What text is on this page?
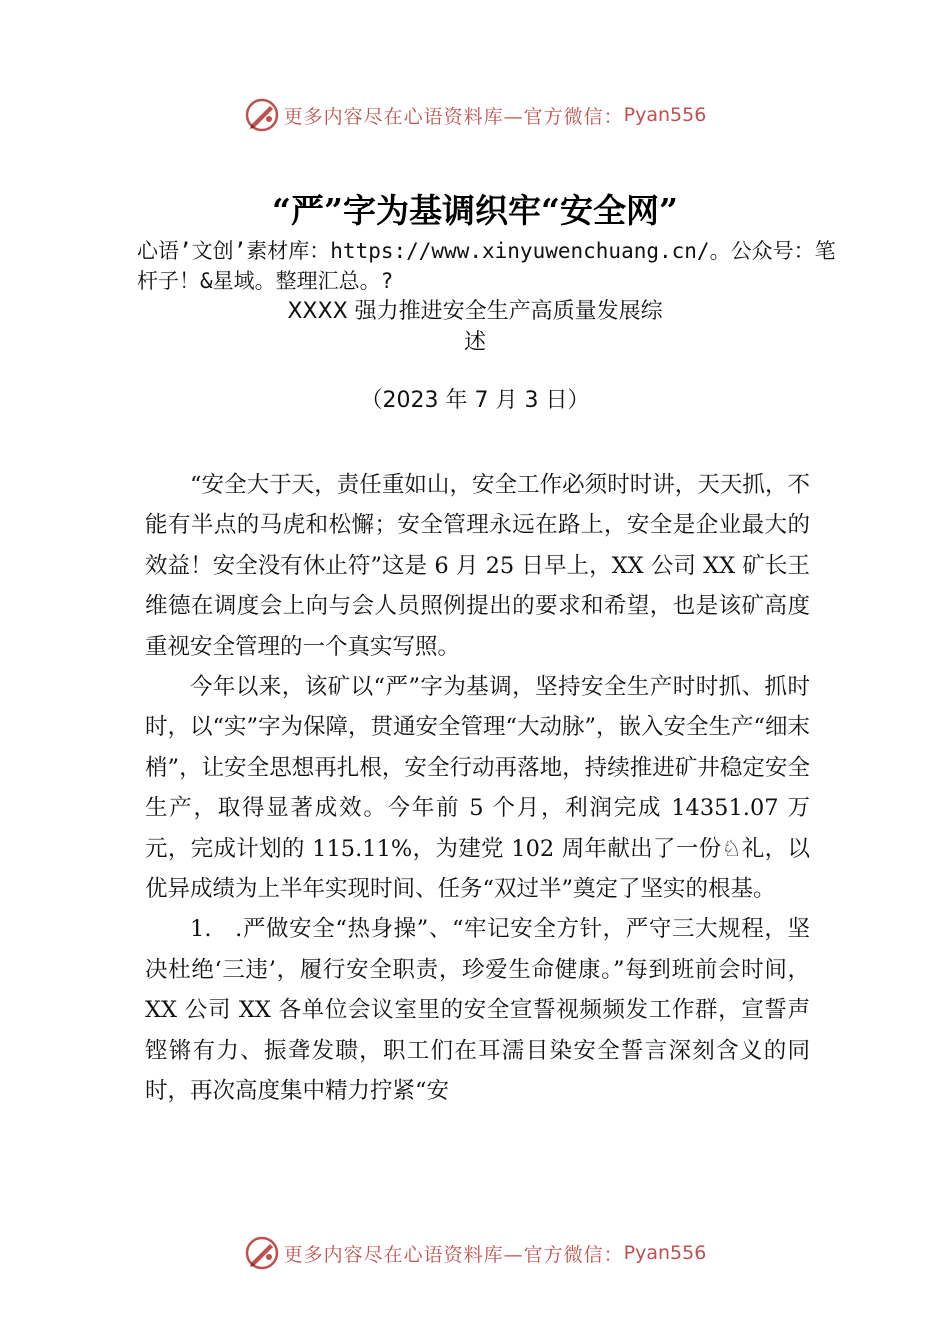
更多内容尽在心语资料库—官方微信： Pyan556
“严”字为基调织牢“安全网”
心语’文创’素材库：https://www.xinyuwenchuang.cn/。公众号：笔杆子！&星域。整理汇总。?
XXXX 强力推进安全生产高质量发展综
述
（2023 年 7 月 3 日）

“安全大于天，责任重如山，安全工作必须时时讲，天天抓，不能有半点的马虎和松懈；安全管理永远在路上，安全是企业最大的效益！安全没有休止符”这是 6 月 25 日早上，XX 公司 XX 矿长王维德在调度会上向与会人员照例提出的要求和希望，也是该矿高度重视安全管理的一个真实写照。

今年以来，该矿以“严”字为基调，坚持安全生产时时抓、抓时时，以“实”字为保障，贯通安全管理“大动脉”，嵌入安全生产“细末梢”，让安全思想再扎根，安全行动再落地，持续推进矿井稳定安全生产，取得显著成效。今年前 5 个月，利润完成 14351.07 万元，完成计划的 115.11%，为建党 102 周年献出了一份♘礼，以优异成绩为上半年实现时间、任务“双过半”奠定了坚实的根基。

1.　.严做安全“热身操”、“牢记安全方针，严守三大规程，坚决杜绝‘三违’，履行安全职责，珍爱生命健康。”每到班前会时间，XX 公司 XX 各单位会议室里的安全宣誓视频频发工作群，宣誓声铿锵有力、振聋发聩，职工们在耳濡目染安全誓言深刻含义的同时，再次高度集中精力拧紧“安

更多内容尽在心语资料库—官方微信： Pyan556
